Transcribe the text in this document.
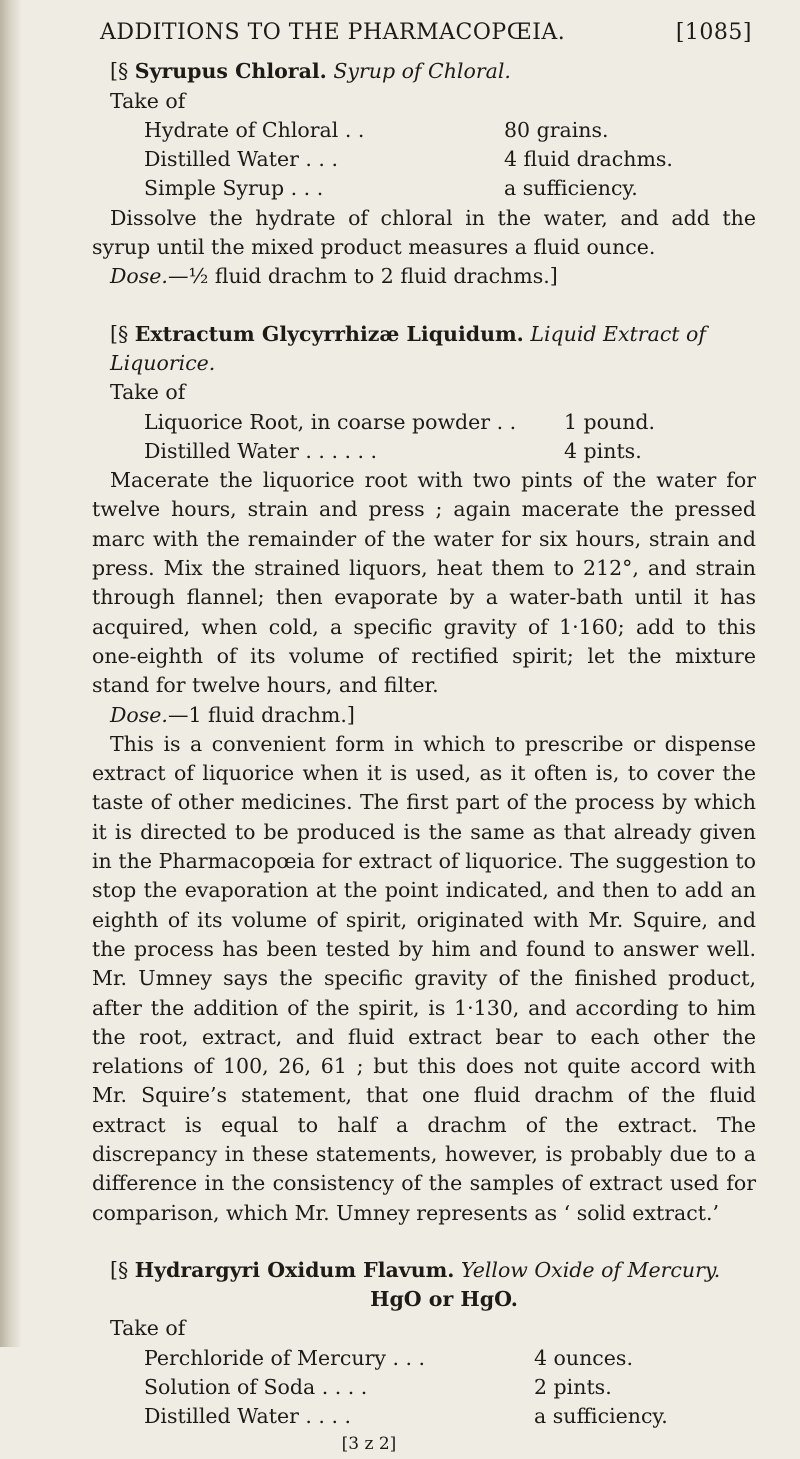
ADDITIONS TO THE PHARMACOPŒIA.	[1085]

[§ Syrupus Chloral. Syrup of Chloral.

Take of

Hydrate of Chloral . .	80 grains.
Distilled Water . . .	4 fluid drachms.
Simple Syrup . . .	a sufficiency.

Dissolve the hydrate of chloral in the water, and add the syrup until the mixed product measures a fluid ounce.

Dose.—½ fluid drachm to 2 fluid drachms.]

[§ Extractum Glycyrrhizæ Liquidum. Liquid Extract of Liquorice.

Take of

Liquorice Root, in coarse powder . .	1 pound.
Distilled Water . . . . . .	4 pints.

Macerate the liquorice root with two pints of the water for twelve hours, strain and press ; again macerate the pressed marc with the remainder of the water for six hours, strain and press. Mix the strained liquors, heat them to 212°, and strain through flannel; then evaporate by a water-bath until it has acquired, when cold, a specific gravity of 1·160; add to this one-eighth of its volume of rectified spirit; let the mixture stand for twelve hours, and filter.

Dose.—1 fluid drachm.]

This is a convenient form in which to prescribe or dispense extract of liquorice when it is used, as it often is, to cover the taste of other medicines. The first part of the process by which it is directed to be produced is the same as that already given in the Pharmacopœia for extract of liquorice. The suggestion to stop the evaporation at the point indicated, and then to add an eighth of its volume of spirit, originated with Mr. Squire, and the process has been tested by him and found to answer well. Mr. Umney says the specific gravity of the finished product, after the addition of the spirit, is 1·130, and according to him the root, extract, and fluid extract bear to each other the relations of 100, 26, 61 ; but this does not quite accord with Mr. Squire’s statement, that one fluid drachm of the fluid extract is equal to half a drachm of the extract. The discrepancy in these statements, however, is probably due to a difference in the consistency of the samples of extract used for comparison, which Mr. Umney represents as ‘ solid extract.’

[§ Hydrargyri Oxidum Flavum. Yellow Oxide of Mercury.

HgO or HgO.

Take of

Perchloride of Mercury . . .	4 ounces.
Solution of Soda . . . .	2 pints.
Distilled Water . . . .	a sufficiency.

[3 z 2]
